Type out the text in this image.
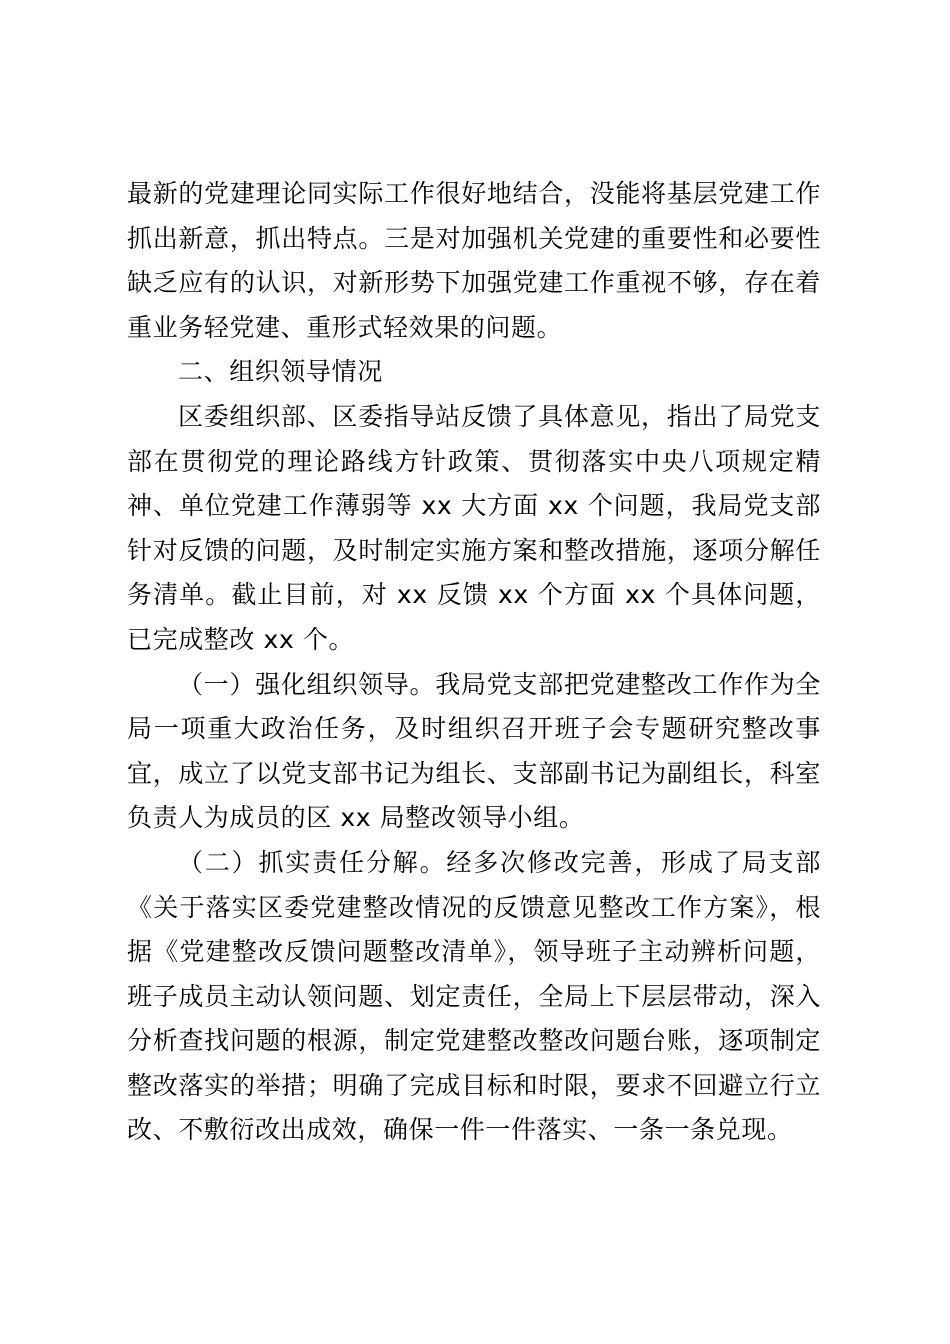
最新的党建理论同实际工作很好地结合，没能将基层党建工作抓出新意，抓出特点。三是对加强机关党建的重要性和必要性缺乏应有的认识，对新形势下加强党建工作重视不够，存在着重业务轻党建、重形式轻效果的问题。

二、组织领导情况

区委组织部、区委指导站反馈了具体意见，指出了局党支部在贯彻党的理论路线方针政策、贯彻落实中央八项规定精神、单位党建工作薄弱等 xx 大方面 xx 个问题，我局党支部针对反馈的问题，及时制定实施方案和整改措施，逐项分解任务清单。截止目前，对 xx 反馈 xx 个方面 xx 个具体问题，已完成整改 xx 个。

（一）强化组织领导。我局党支部把党建整改工作作为全局一项重大政治任务，及时组织召开班子会专题研究整改事宜，成立了以党支部书记为组长、支部副书记为副组长，科室负责人为成员的区 xx 局整改领导小组。

（二）抓实责任分解。经多次修改完善，形成了局支部《关于落实区委党建整改情况的反馈意见整改工作方案》，根据《党建整改反馈问题整改清单》，领导班子主动辨析问题，班子成员主动认领问题、划定责任，全局上下层层带动，深入分析查找问题的根源，制定党建整改整改问题台账，逐项制定整改落实的举措；明确了完成目标和时限，要求不回避立行立改、不敷衍改出成效，确保一件一件落实、一条一条兑现。
